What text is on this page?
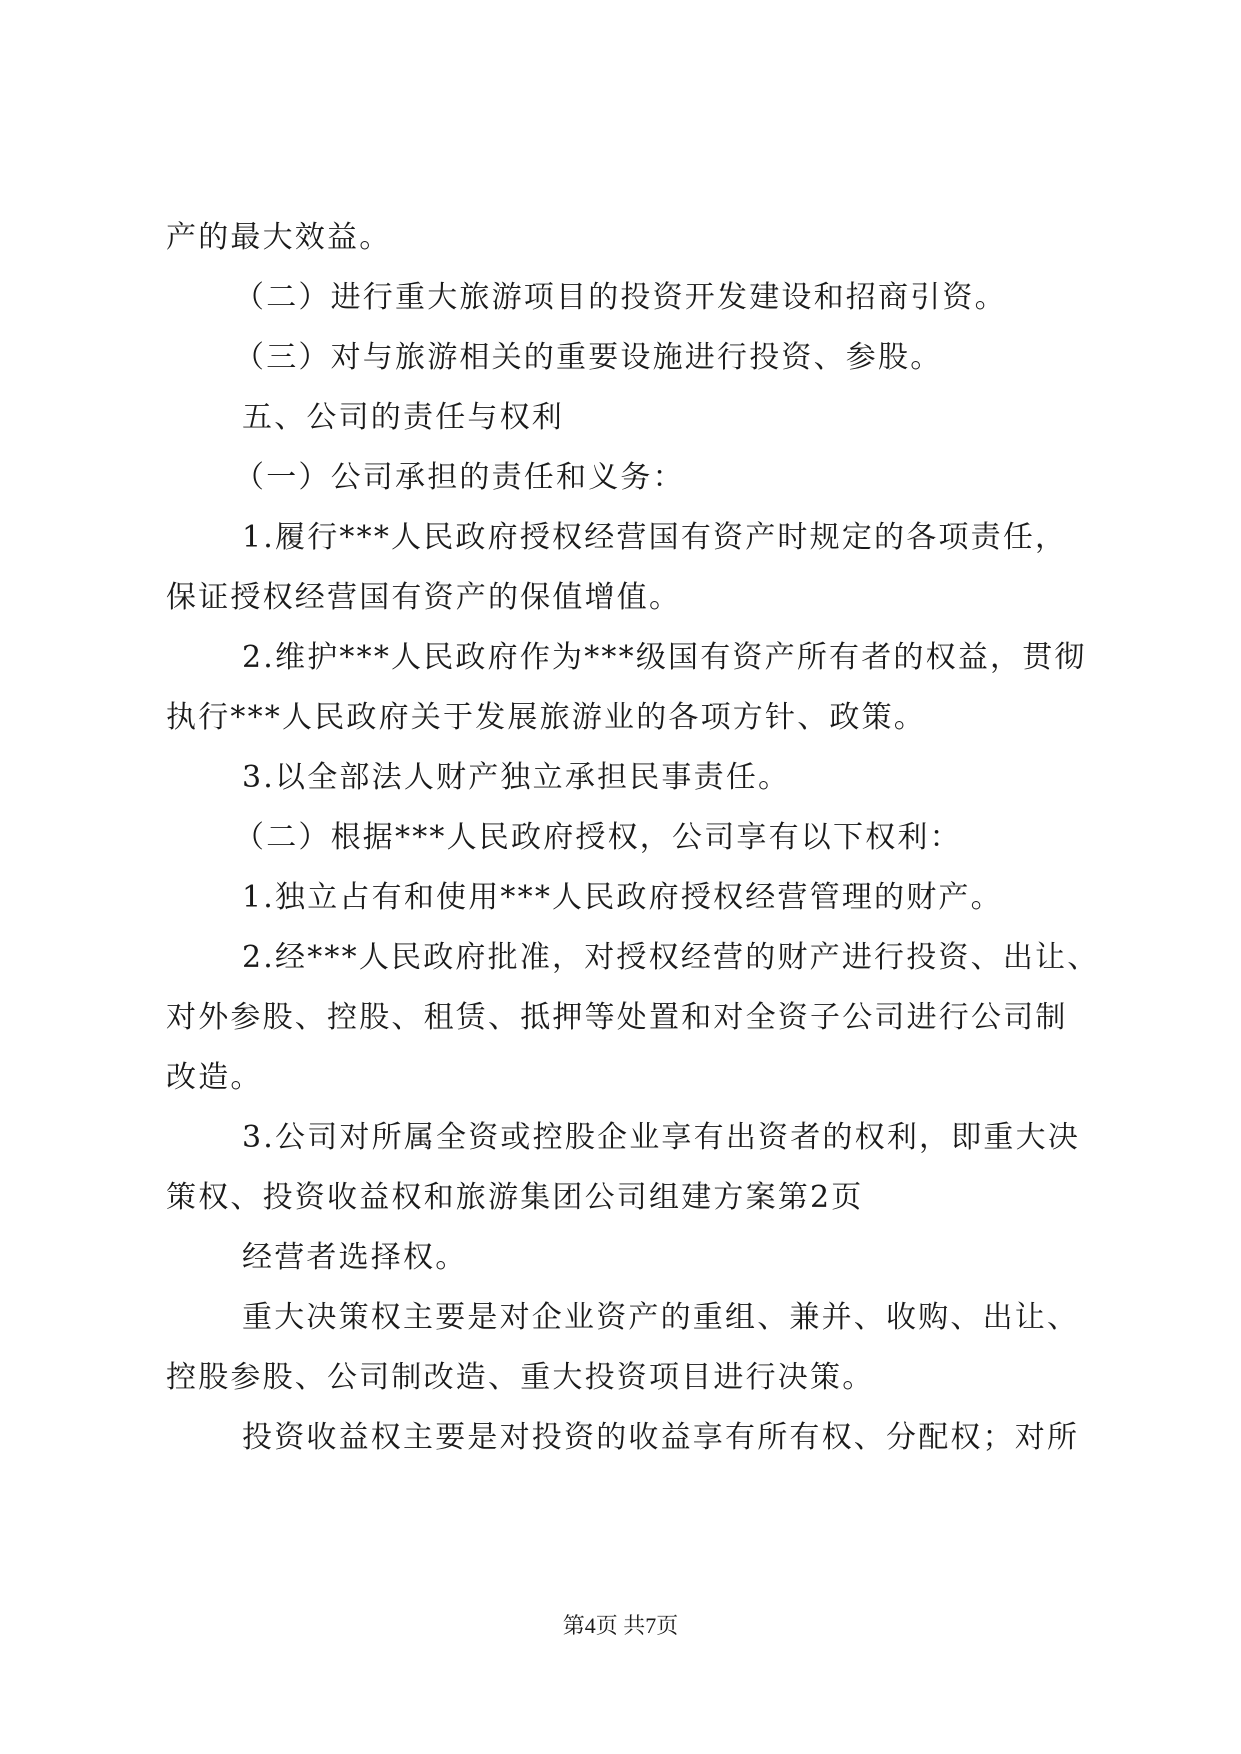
产的最大效益。
（二）进行重大旅游项目的投资开发建设和招商引资。
（三）对与旅游相关的重要设施进行投资、参股。
五、公司的责任与权利
（一）公司承担的责任和义务：
1.履行***人民政府授权经营国有资产时规定的各项责任，
保证授权经营国有资产的保值增值。
2.维护***人民政府作为***级国有资产所有者的权益，贯彻
执行***人民政府关于发展旅游业的各项方针、政策。
3.以全部法人财产独立承担民事责任。
（二）根据***人民政府授权，公司享有以下权利：
1.独立占有和使用***人民政府授权经营管理的财产。
2.经***人民政府批准，对授权经营的财产进行投资、出让、
对外参股、控股、租赁、抵押等处置和对全资子公司进行公司制
改造。
3.公司对所属全资或控股企业享有出资者的权利，即重大决
策权、投资收益权和旅游集团公司组建方案第2页
经营者选择权。
重大决策权主要是对企业资产的重组、兼并、收购、出让、
控股参股、公司制改造、重大投资项目进行决策。
投资收益权主要是对投资的收益享有所有权、分配权；对所
第4页 共7页
